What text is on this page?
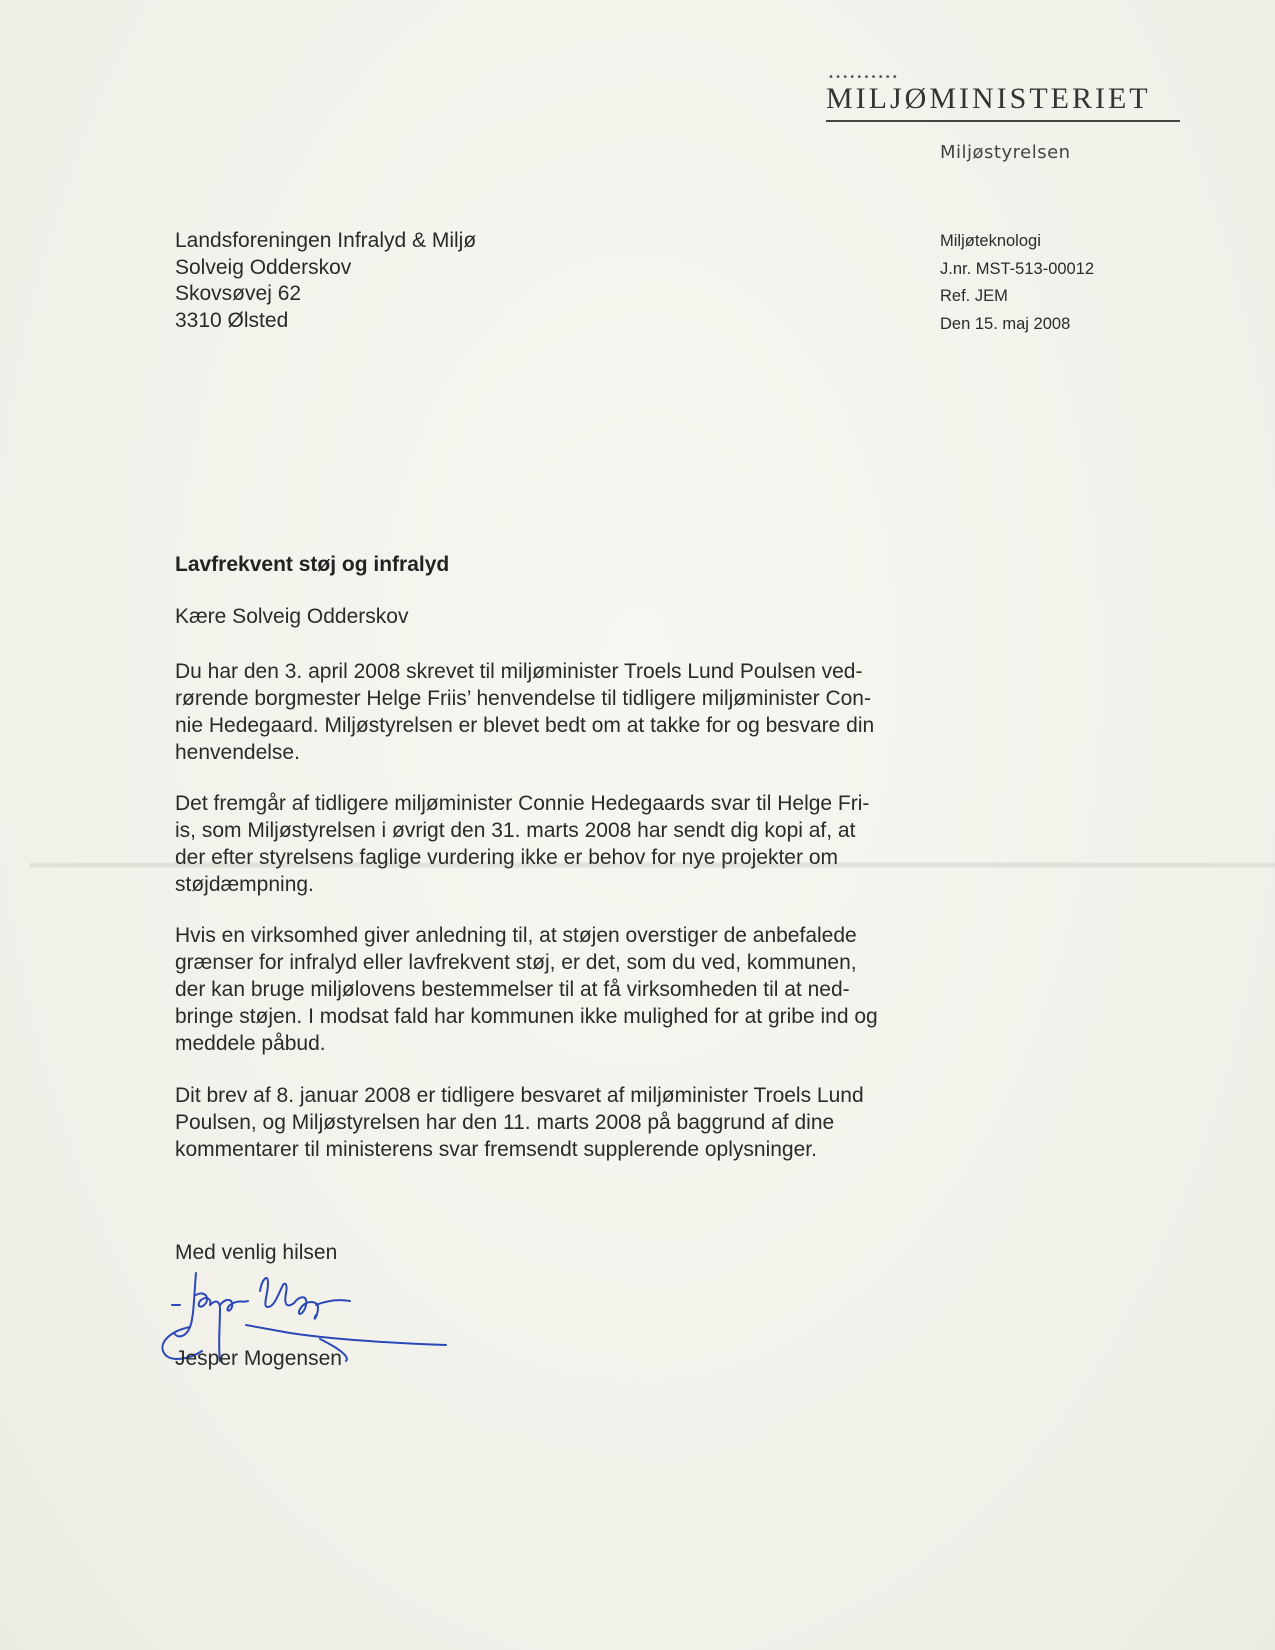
••••••••••
MILJØMINISTERIET
Miljøstyrelsen
Landsforeningen Infralyd & Miljø
Solveig Odderskov
Skovsøvej 62
3310 Ølsted
Miljøteknologi
J.nr. MST-513-00012
Ref. JEM
Den 15. maj 2008
Lavfrekvent støj og infralyd
Kære Solveig Odderskov
Du har den 3. april 2008 skrevet til miljøminister Troels Lund Poulsen ved-
rørende borgmester Helge Friis’ henvendelse til tidligere miljøminister Con-
nie Hedegaard. Miljøstyrelsen er blevet bedt om at takke for og besvare din
henvendelse.
Det fremgår af tidligere miljøminister Connie Hedegaards svar til Helge Fri-
is, som Miljøstyrelsen i øvrigt den 31. marts 2008 har sendt dig kopi af, at
der efter styrelsens faglige vurdering ikke er behov for nye projekter om
støjdæmpning.
Hvis en virksomhed giver anledning til, at støjen overstiger de anbefalede
grænser for infralyd eller lavfrekvent støj, er det, som du ved, kommunen,
der kan bruge miljølovens bestemmelser til at få virksomheden til at ned-
bringe støjen. I modsat fald har kommunen ikke mulighed for at gribe ind og
meddele påbud.
Dit brev af 8. januar 2008 er tidligere besvaret af miljøminister Troels Lund
Poulsen, og Miljøstyrelsen har den 11. marts 2008 på baggrund af dine
kommentarer til ministerens svar fremsendt supplerende oplysninger.
Med venlig hilsen
Jesper Mogensen
